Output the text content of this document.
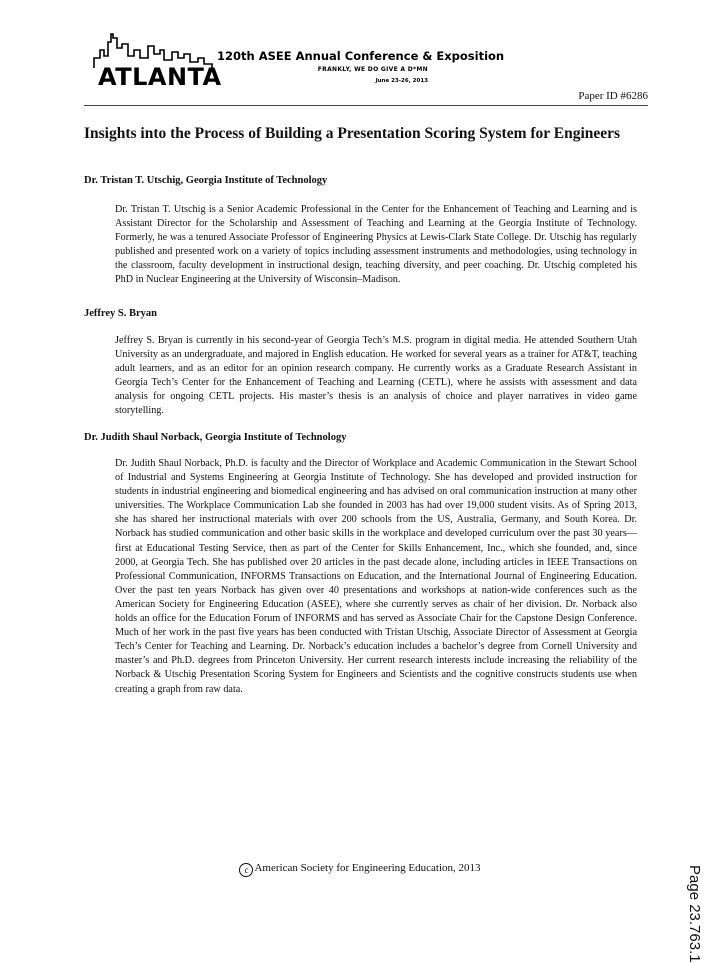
ATLANTA
120th ASEE Annual Conference & Exposition
FRANKLY, WE DO GIVE A D*MN
June 23-26, 2013
Paper ID #6286
Insights into the Process of Building a Presentation Scoring System for Engineers

Dr. Tristan T. Utschig, Georgia Institute of Technology

Dr. Tristan T. Utschig is a Senior Academic Professional in the Center for the Enhancement of Teaching and Learning and is Assistant Director for the Scholarship and Assessment of Teaching and Learning at the Georgia Institute of Technology. Formerly, he was a tenured Associate Professor of Engineering Physics at Lewis-Clark State College. Dr. Utschig has regularly published and presented work on a variety of topics including assessment instruments and methodologies, using technology in the classroom, faculty development in instructional design, teaching diversity, and peer coaching. Dr. Utschig completed his PhD in Nuclear Engineering at the University of Wisconsin–Madison.

Jeffrey S. Bryan

Jeffrey S. Bryan is currently in his second-year of Georgia Tech’s M.S. program in digital media. He attended Southern Utah University as an undergraduate, and majored in English education. He worked for several years as a trainer for AT&T, teaching adult learners, and as an editor for an opinion research company. He currently works as a Graduate Research Assistant in Georgia Tech’s Center for the Enhancement of Teaching and Learning (CETL), where he assists with assessment and data analysis for ongoing CETL projects. His master’s thesis is an analysis of choice and player narratives in video game storytelling.

Dr. Judith Shaul Norback, Georgia Institute of Technology

Dr. Judith Shaul Norback, Ph.D. is faculty and the Director of Workplace and Academic Communication in the Stewart School of Industrial and Systems Engineering at Georgia Institute of Technology. She has developed and provided instruction for students in industrial engineering and biomedical engineering and has advised on oral communication instruction at many other universities. The Workplace Communication Lab she founded in 2003 has had over 19,000 student visits. As of Spring 2013, she has shared her instructional materials with over 200 schools from the US, Australia, Germany, and South Korea. Dr. Norback has studied communication and other basic skills in the workplace and developed curriculum over the past 30 years—first at Educational Testing Service, then as part of the Center for Skills Enhancement, Inc., which she founded, and, since 2000, at Georgia Tech. She has published over 20 articles in the past decade alone, including articles in IEEE Transactions on Professional Communication, INFORMS Transactions on Education, and the International Journal of Engineering Education. Over the past ten years Norback has given over 40 presentations and workshops at nation-wide conferences such as the American Society for Engineering Education (ASEE), where she currently serves as chair of her division. Dr. Norback also holds an office for the Education Forum of INFORMS and has served as Associate Chair for the Capstone Design Conference. Much of her work in the past five years has been conducted with Tristan Utschig, Associate Director of Assessment at Georgia Tech’s Center for Teaching and Learning. Dr. Norback’s education includes a bachelor’s degree from Cornell University and master’s and Ph.D. degrees from Princeton University. Her current research interests include increasing the reliability of the Norback & Utschig Presentation Scoring System for Engineers and Scientists and the cognitive constructs students use when creating a graph from raw data.

Page 23.763.1
c American Society for Engineering Education, 2013
